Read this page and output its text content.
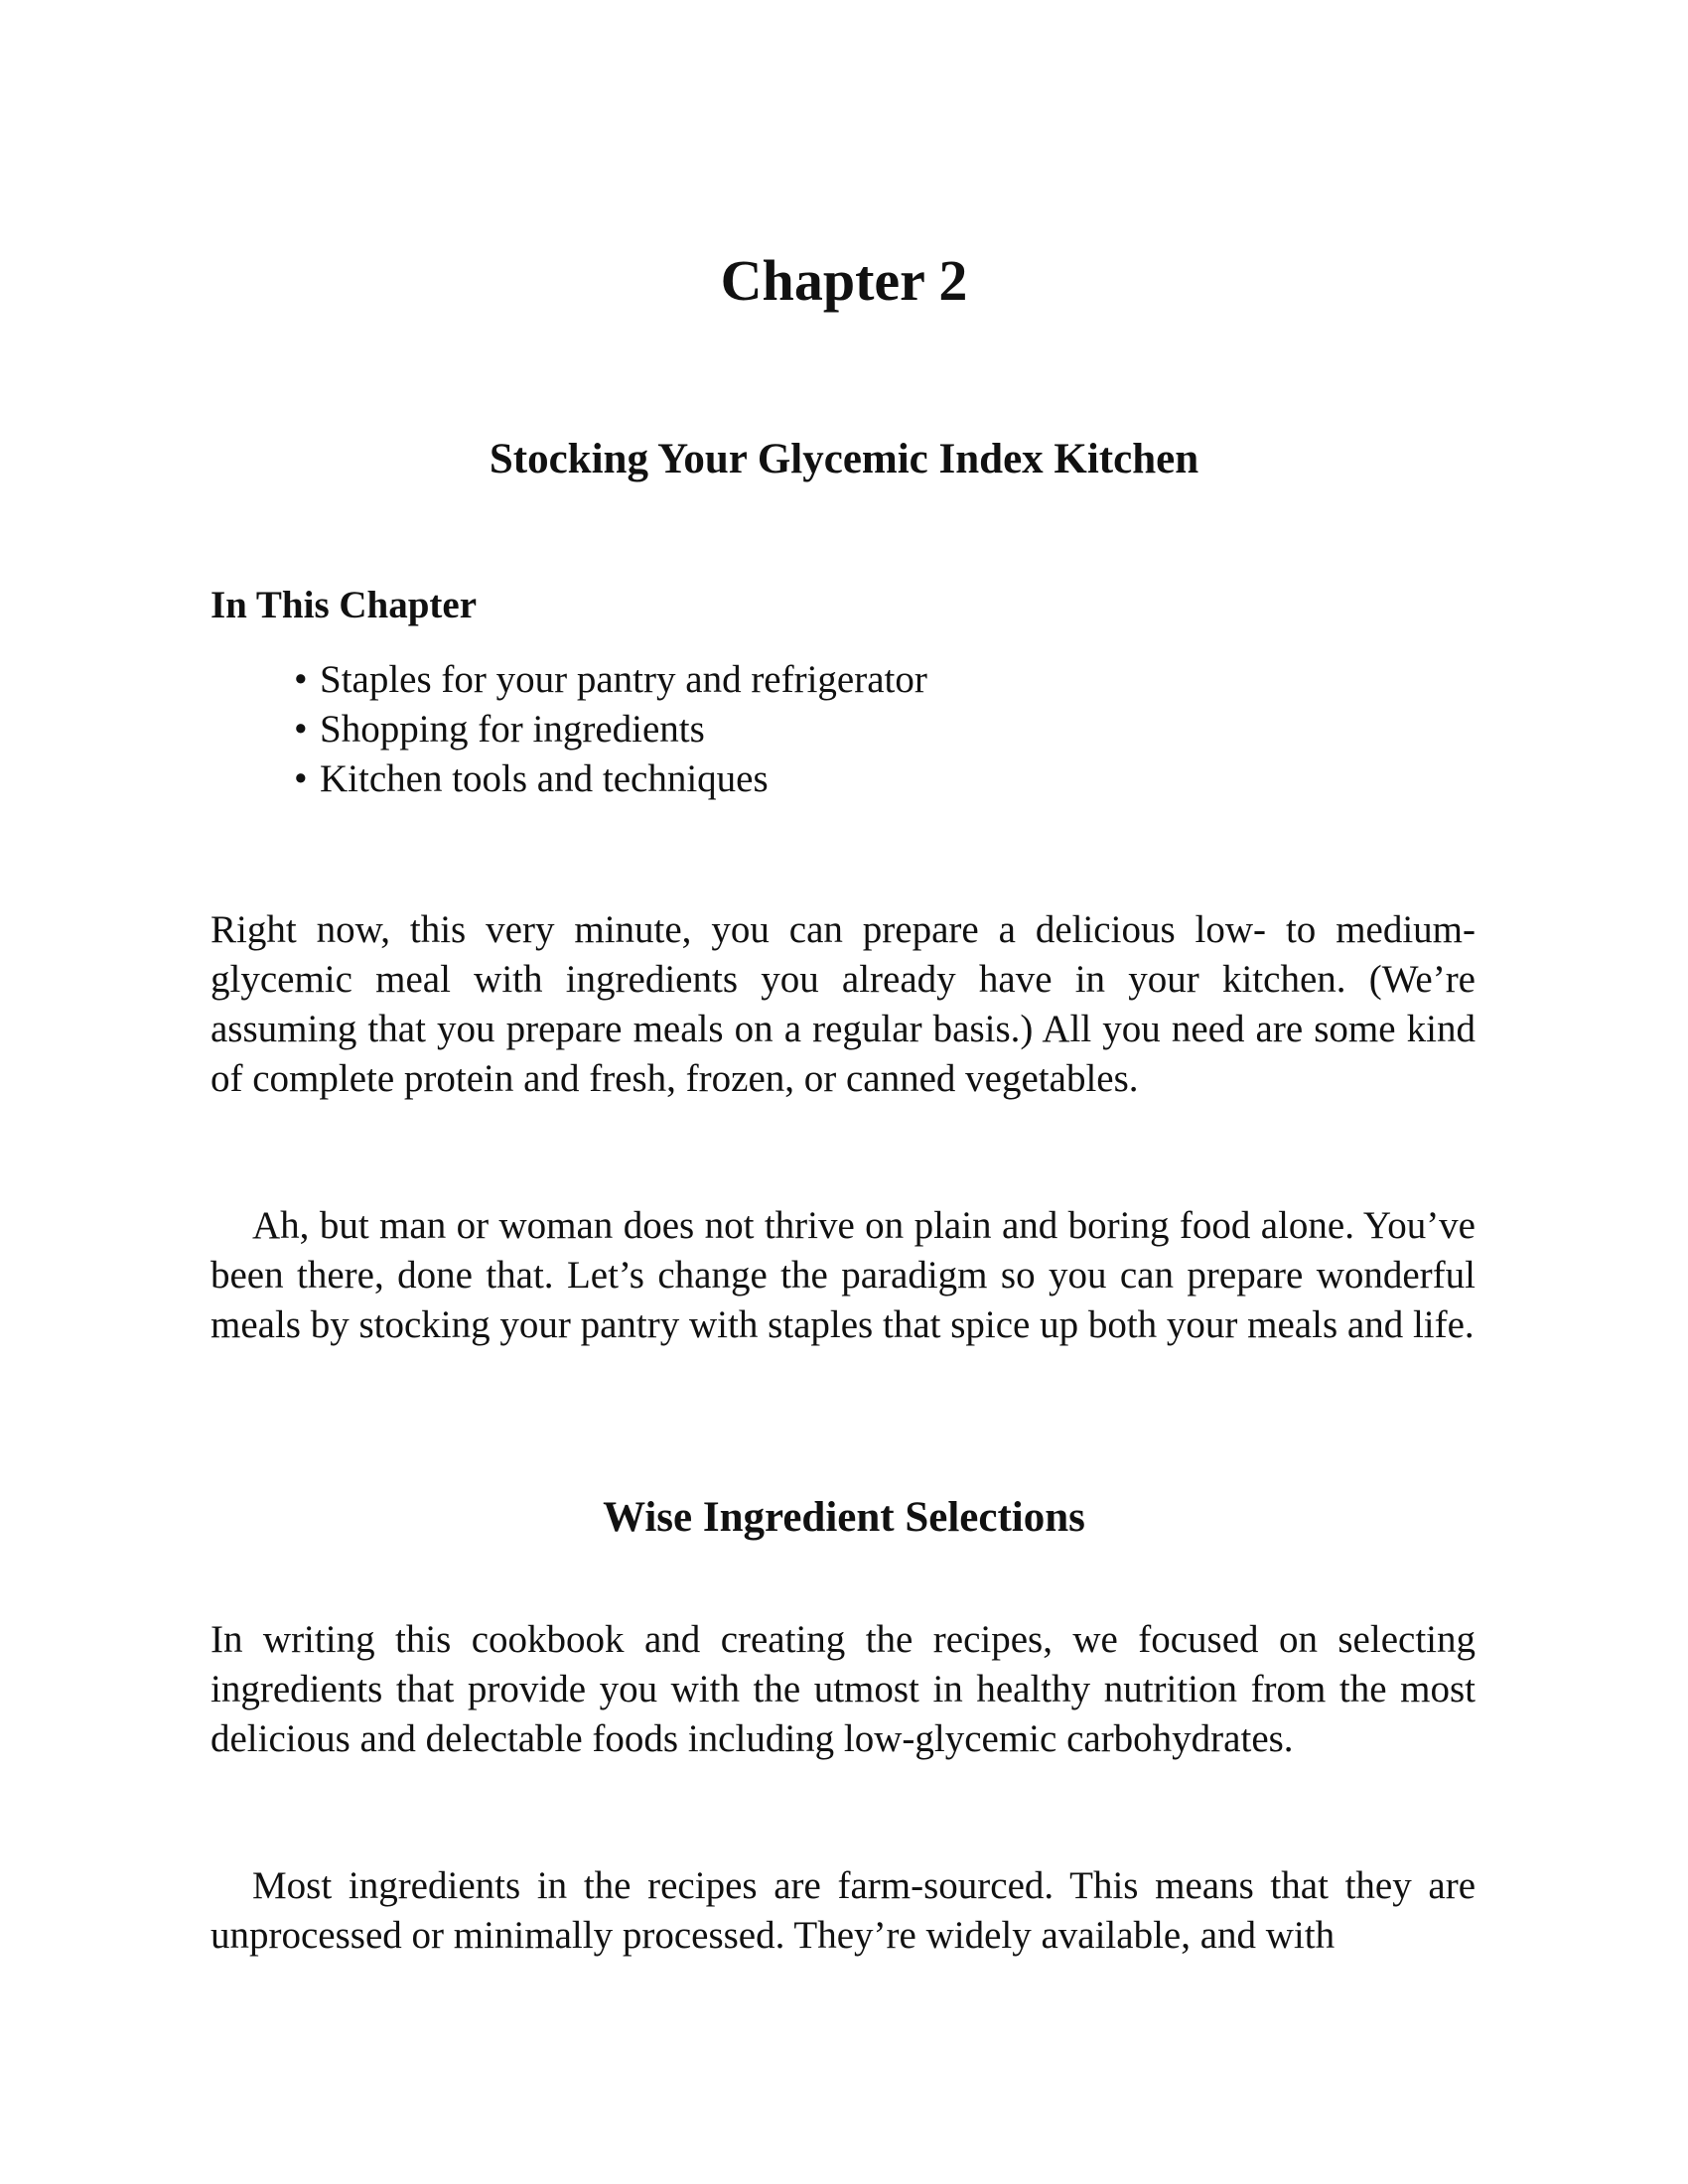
Chapter 2
Stocking Your Glycemic Index Kitchen
In This Chapter
• Staples for your pantry and refrigerator
• Shopping for ingredients
• Kitchen tools and techniques

Right now, this very minute, you can prepare a delicious low- to medium-glycemic meal with ingredients you already have in your kitchen. (We’re assuming that you prepare meals on a regular basis.) All you need are some kind of complete protein and fresh, frozen, or canned vegetables.

Ah, but man or woman does not thrive on plain and boring food alone. You’ve been there, done that. Let’s change the paradigm so you can prepare wonderful meals by stocking your pantry with staples that spice up both your meals and life.

Wise Ingredient Selections

In writing this cookbook and creating the recipes, we focused on selecting ingredients that provide you with the utmost in healthy nutrition from the most delicious and delectable foods including low-glycemic carbohydrates.

Most ingredients in the recipes are farm-sourced. This means that they are unprocessed or minimally processed. They’re widely available, and with
